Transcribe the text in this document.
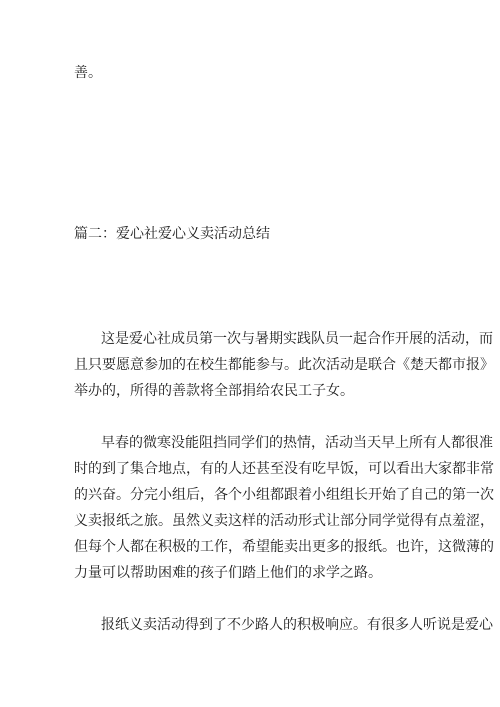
善。
篇二：爱心社爱心义卖活动总结
这是爱心社成员第一次与暑期实践队员一起合作开展的活动，而
且只要愿意参加的在校生都能参与。此次活动是联合《楚天都市报》
举办的，所得的善款将全部捐给农民工子女。
早春的微寒没能阻挡同学们的热情，活动当天早上所有人都很准
时的到了集合地点，有的人还甚至没有吃早饭，可以看出大家都非常
的兴奋。分完小组后，各个小组都跟着小组组长开始了自己的第一次
义卖报纸之旅。虽然义卖这样的活动形式让部分同学觉得有点羞涩，
但每个人都在积极的工作，希望能卖出更多的报纸。也许，这微薄的
力量可以帮助困难的孩子们踏上他们的求学之路。
报纸义卖活动得到了不少路人的积极响应。有很多人听说是爱心
